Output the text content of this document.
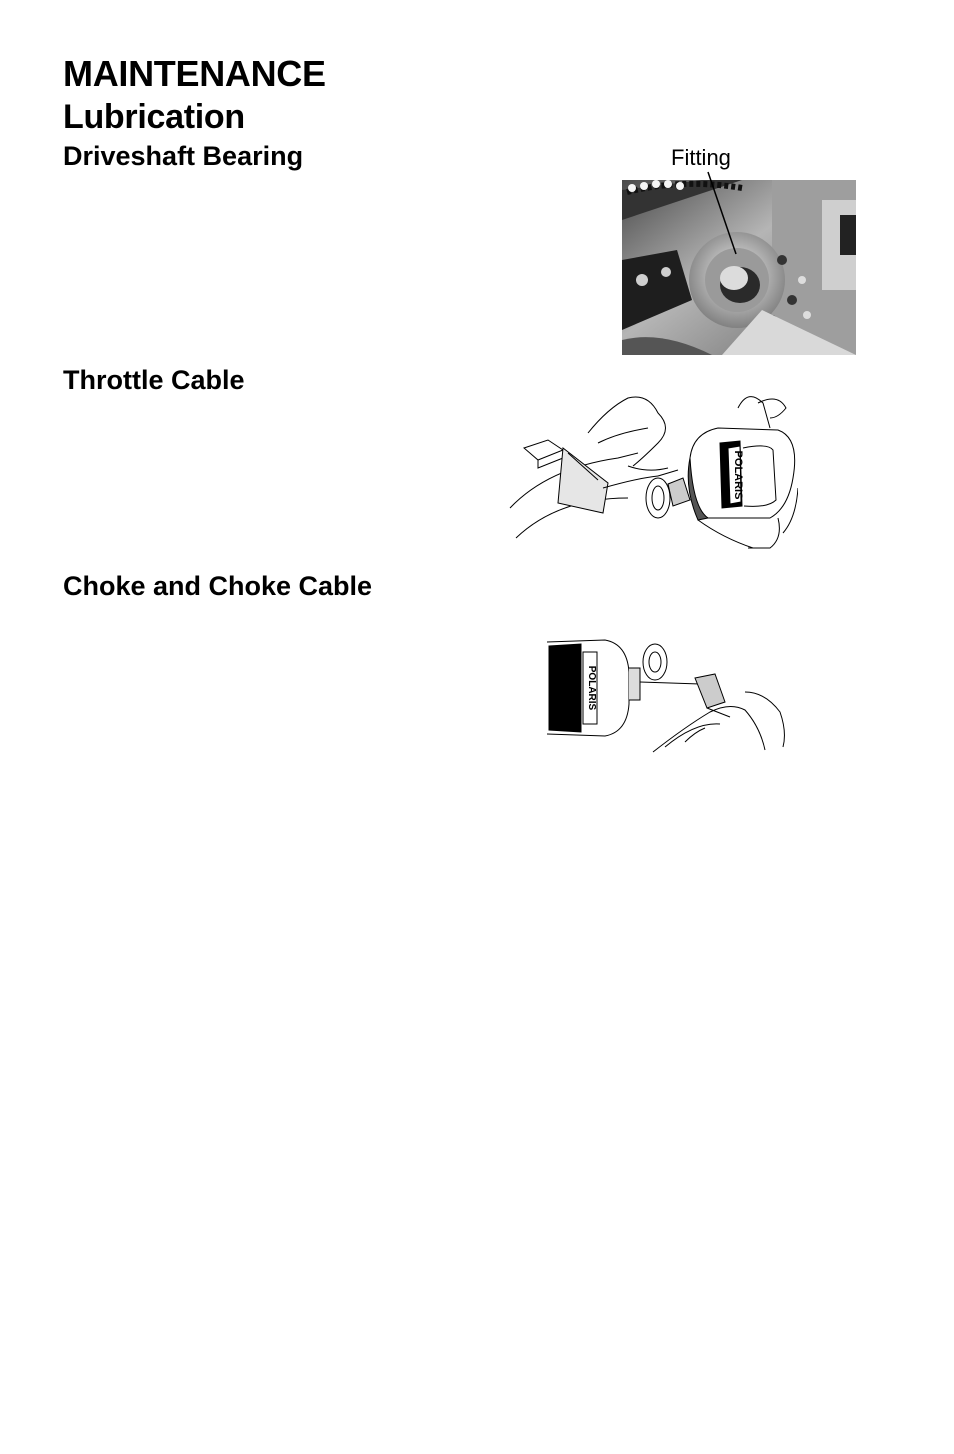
MAINTENANCE
Lubrication
Driveshaft Bearing
Throttle Cable
Choke and Choke Cable
Fitting
POLARIS
POLARIS
